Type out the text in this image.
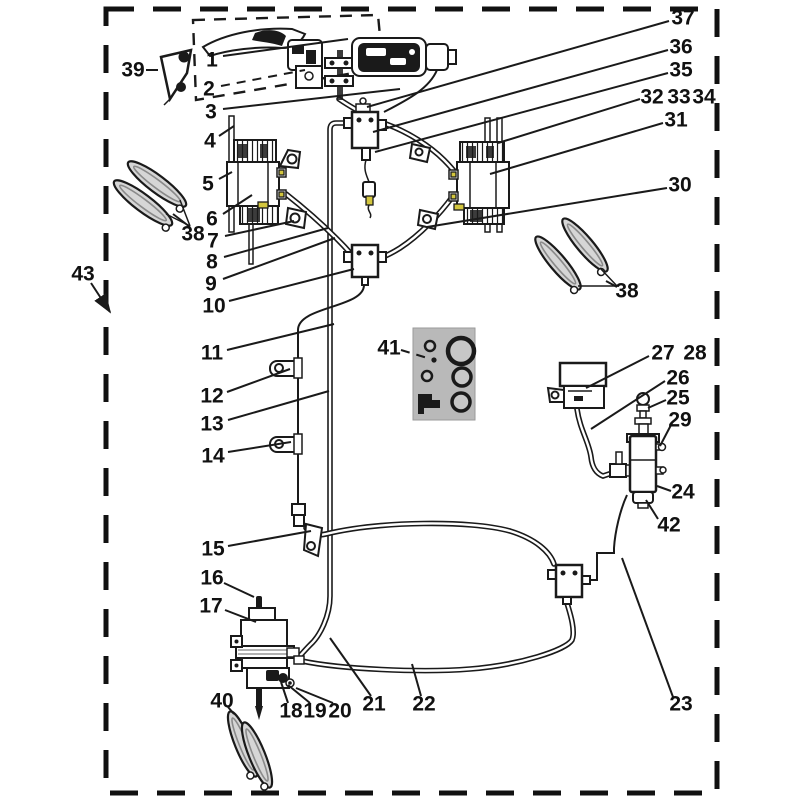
1
2
3
4
5
6
7
8
9
10
11
12
13
14
15
16
17
18 19 20 21 22	23
24
25
26
27 28
29
30
31
32 33 34
35
36
37
38
38
39
40
41
42
43
